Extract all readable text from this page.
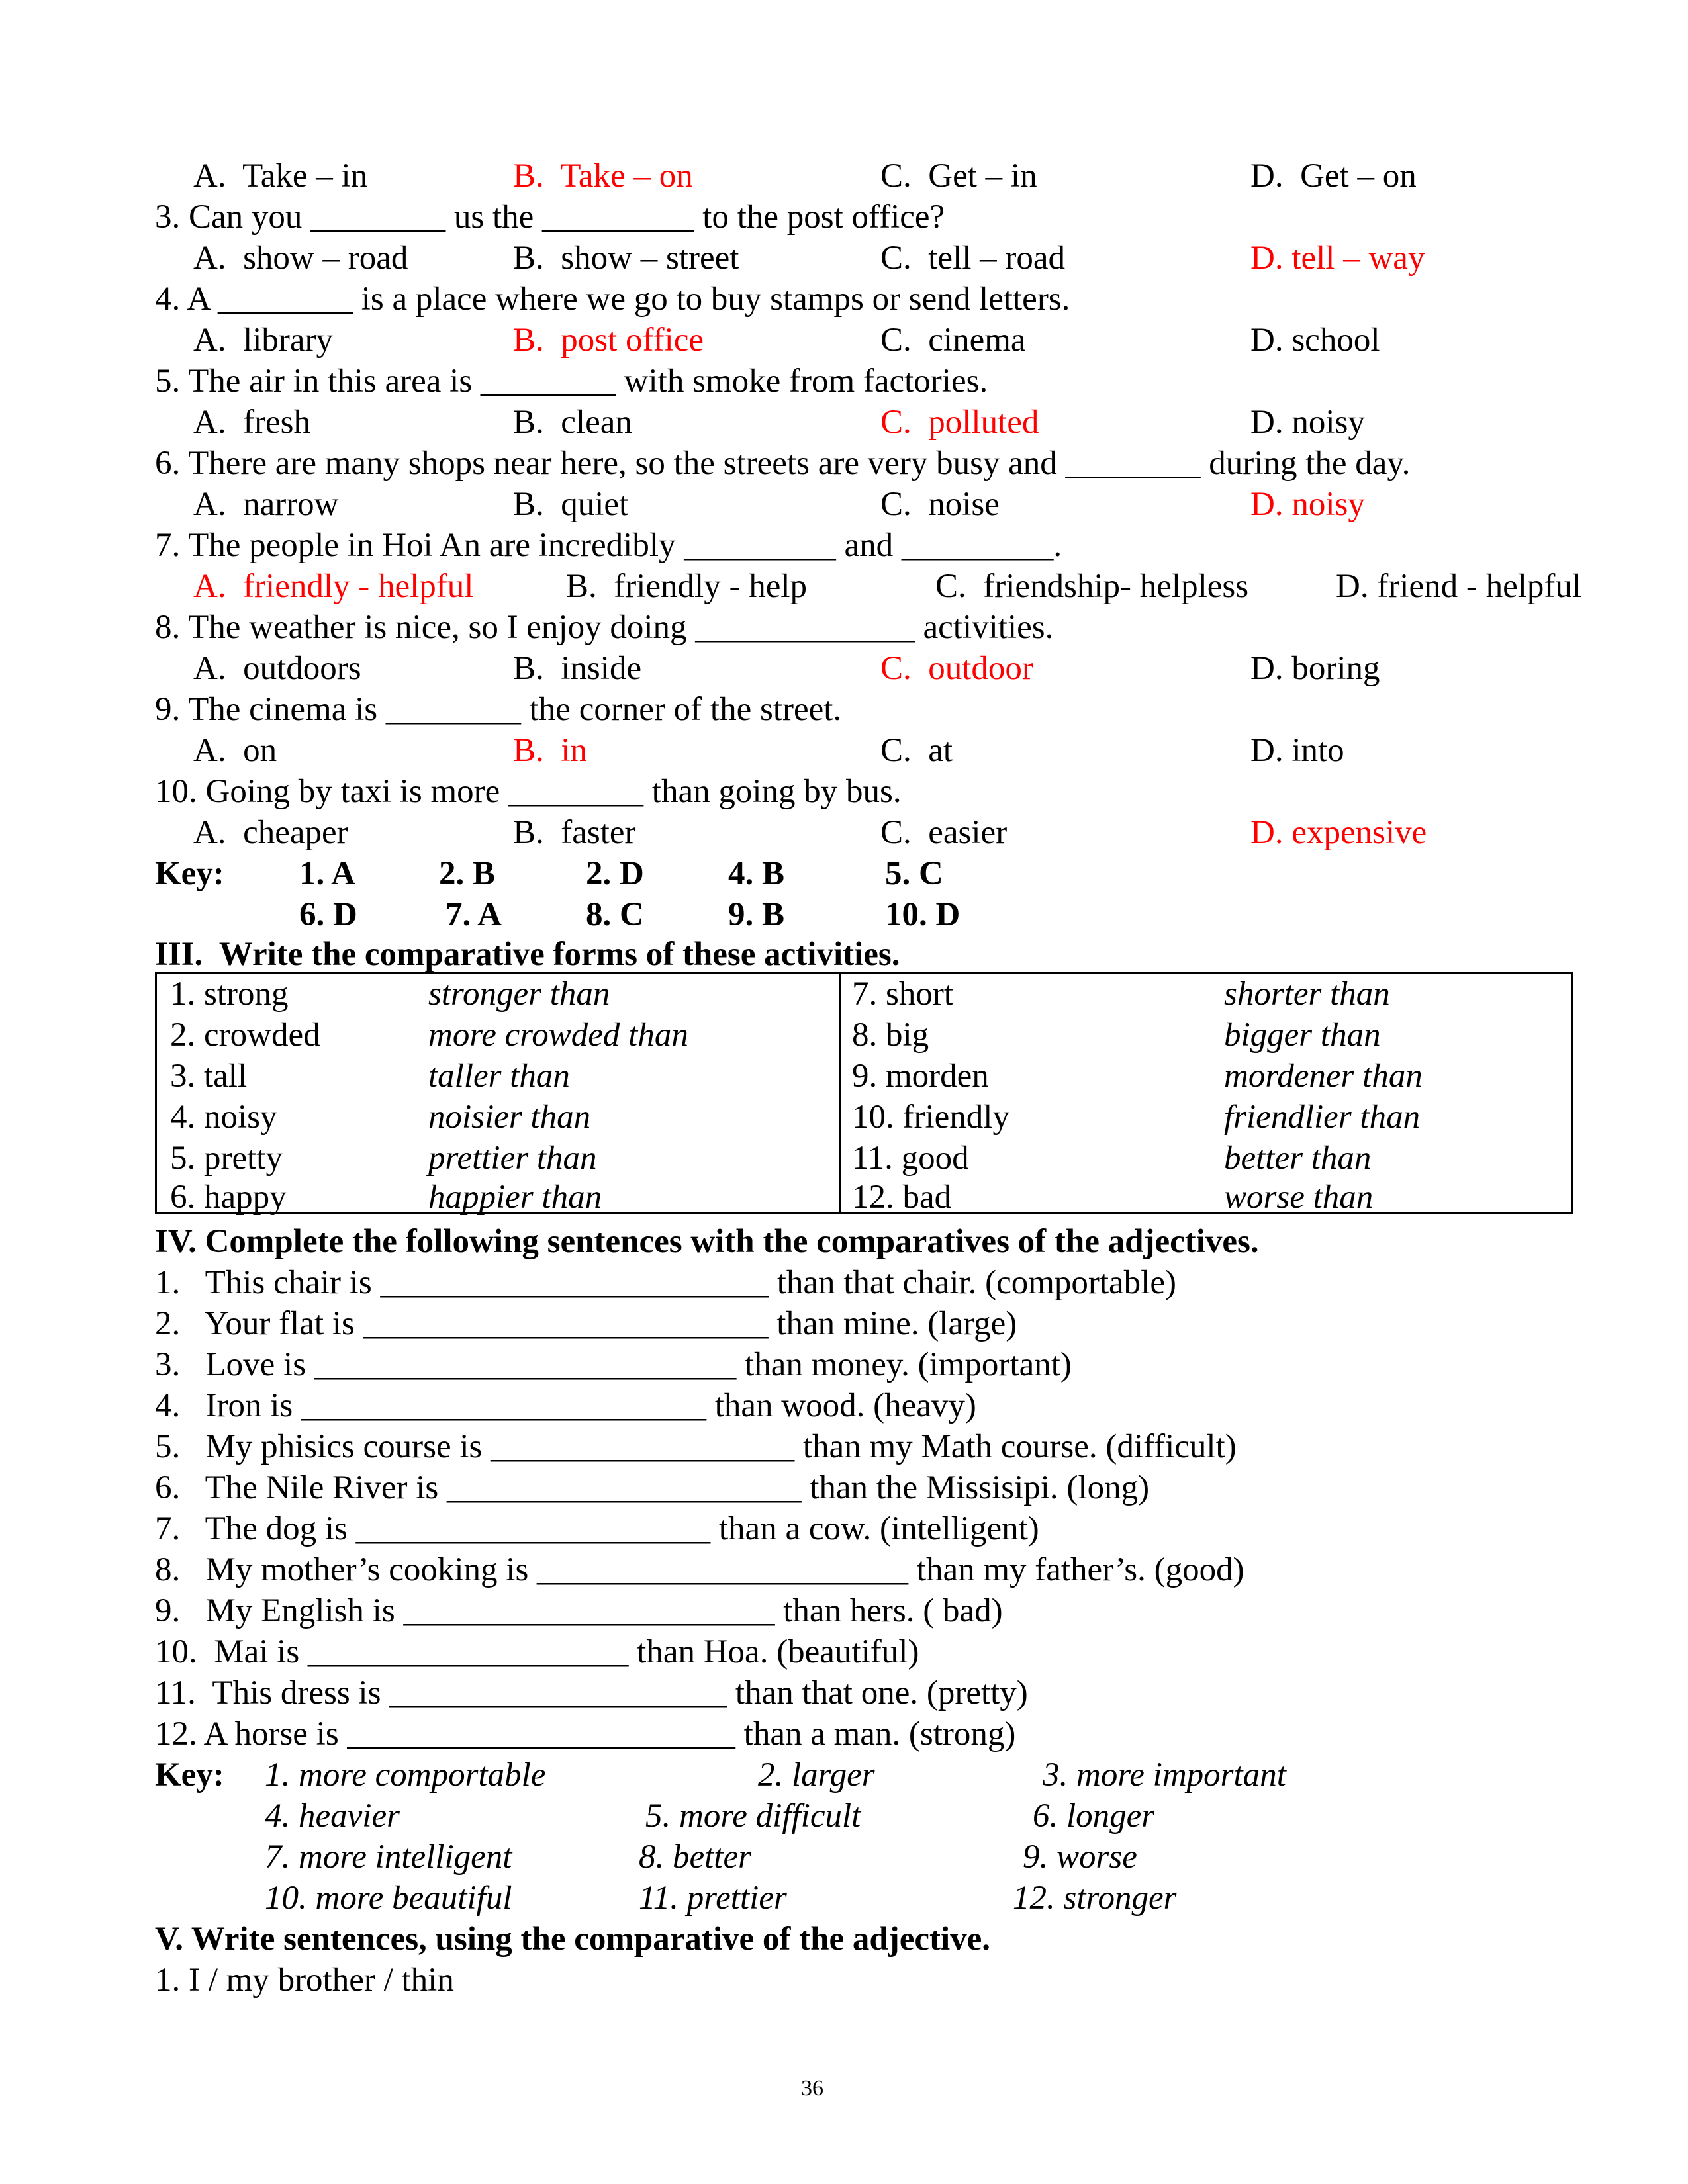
A.  Take – in	B.  Take – on	C.  Get – in	D.  Get – on
3. Can you ________ us the _________ to the post office?
A.  show – road	B.  show – street	C.  tell – road	D. tell – way
4. A ________ is a place where we go to buy stamps or send letters.
A.  library	B.  post office	C.  cinema	D. school
5. The air in this area is ________ with smoke from factories.
A.  fresh	B.  clean	C.  polluted	D. noisy
6. There are many shops near here, so the streets are very busy and ________ during the day.
A.  narrow	B.  quiet	C.  noise	D. noisy
7. The people in Hoi An are incredibly _________ and _________.
A.  friendly - helpful	B.  friendly - help	C.  friendship- helpless	D. friend - helpful
8. The weather is nice, so I enjoy doing _____________ activities.
A.  outdoors	B.  inside	C.  outdoor	D. boring
9. The cinema is ________ the corner of the street.
A.  on	B.  in	C.  at	D. into
10. Going by taxi is more ________ than going by bus.
A.  cheaper	B.  faster	C.  easier	D. expensive
Key: 1. A 2. B	2. D 4. B	5. C
6. D	7. A 8. C 9. B	10. D
III.  Write the comparative forms of these activities.
1. strong	stronger than
2. crowded	more crowded than
3. tall	taller than
4. noisy	noisier than
5. pretty	prettier than
6. happy	happier than
7. short	shorter than
8. big	bigger than
9. morden	mordener than
10. friendly	friendlier than
11. good	better than
12. bad	worse than
IV. Complete the following sentences with the comparatives of the adjectives.
1.   This chair is _______________________ than that chair. (comportable)
2.   Your flat is ________________________ than mine. (large)
3.   Love is _________________________ than money. (important)
4.   Iron is ________________________ than wood. (heavy)
5.   My phisics course is __________________ than my Math course. (difficult)
6.   The Nile River is _____________________ than the Missisipi. (long)
7.   The dog is _____________________ than a cow. (intelligent)
8.   My mother’s cooking is ______________________ than my father’s. (good)
9.   My English is ______________________ than hers. ( bad)
10.  Mai is ___________________ than Hoa. (beautiful)
11.  This dress is ____________________ than that one. (pretty)
12. A horse is _______________________ than a man. (strong)
Key: 1. more comportable	2. larger	3. more important
4. heavier	5. more difficult	6. longer
7. more intelligent	8. better	9. worse
10. more beautiful	11. prettier	12. stronger
V. Write sentences, using the comparative of the adjective.
1. I / my brother / thin
36
